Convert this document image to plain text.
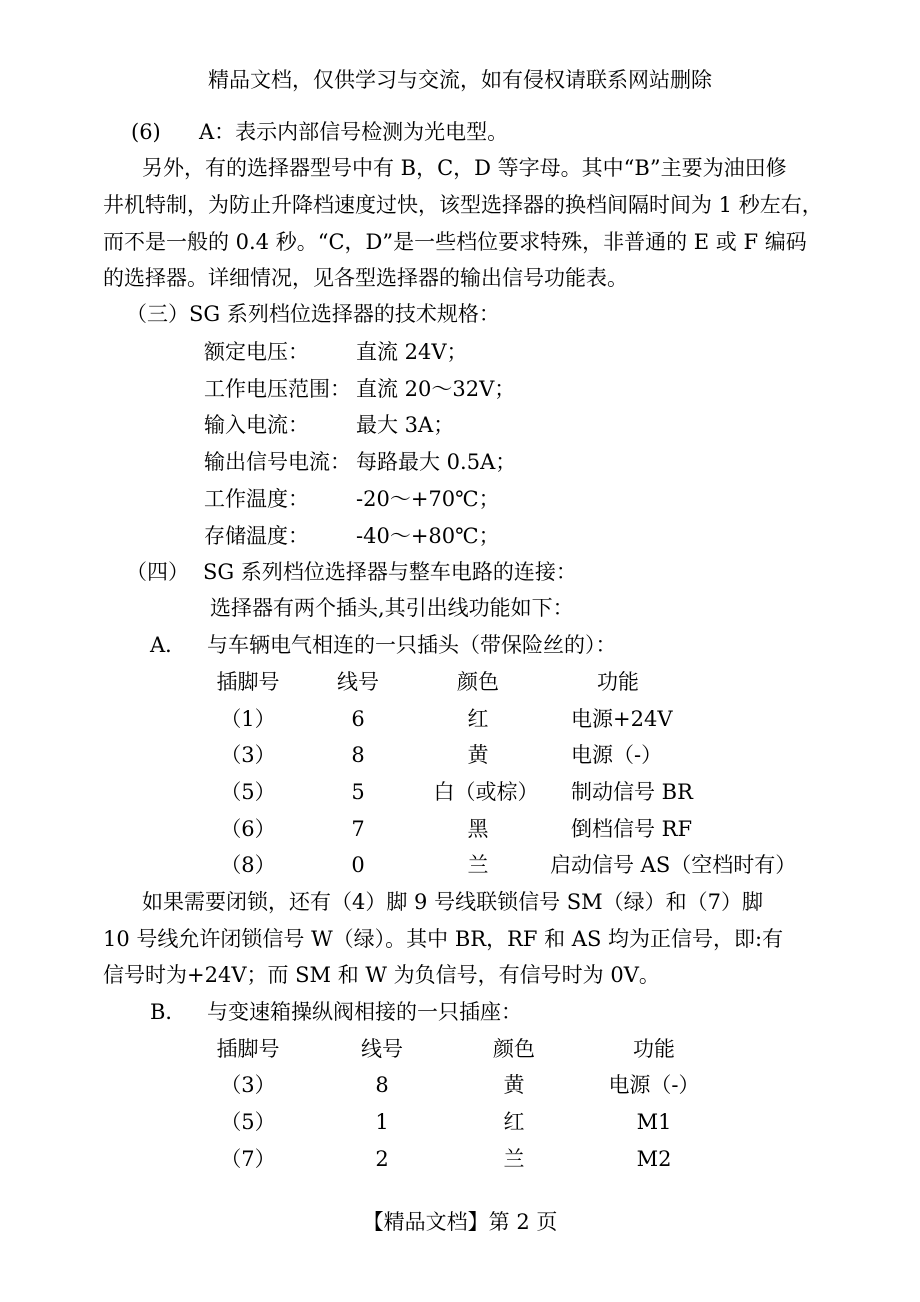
精品文档，仅供学习与交流，如有侵权请联系网站删除
(6) A：表示内部信号检测为光电型。
另外，有的选择器型号中有 B，C，D 等字母。其中“B”主要为油田修
井机特制，为防止升降档速度过快，该型选择器的换档间隔时间为 1 秒左右，
而不是一般的 0.4 秒。“C，D”是一些档位要求特殊，非普通的 E 或 F 编码
的选择器。详细情况，见各型选择器的输出信号功能表。
（三）SG 系列档位选择器的技术规格：
额定电压： 直流 24V；
工作电压范围： 直流 20～32V；
输入电流： 最大 3A；
输出信号电流： 每路最大 0.5A；
工作温度： -20～+70℃；
存储温度： -40～+80℃；
（四） SG 系列档位选择器与整车电路的连接：
选择器有两个插头,其引出线功能如下：
A． 与车辆电气相连的一只插头（带保险丝的）：
插脚号	线号	颜色	功能
（1）	6	红	电源+24V
（3）	8	黄	电源（-）
（5）	5	白（或棕）	制动信号 BR
（6）	7	黑	倒档信号 RF
（8）	0	兰	启动信号 AS（空档时有）
如果需要闭锁，还有（4）脚 9 号线联锁信号 SM（绿）和（7）脚
10 号线允许闭锁信号 W（绿）。其中 BR，RF 和 AS 均为正信号，即:有
信号时为+24V；而 SM 和 W 为负信号，有信号时为 0V。
B． 与变速箱操纵阀相接的一只插座：
插脚号	线号	颜色	功能
（3）	8	黄	电源（-）
（5）	1	红	M1
（7）	2	兰	M2
【精品文档】第 2 页
